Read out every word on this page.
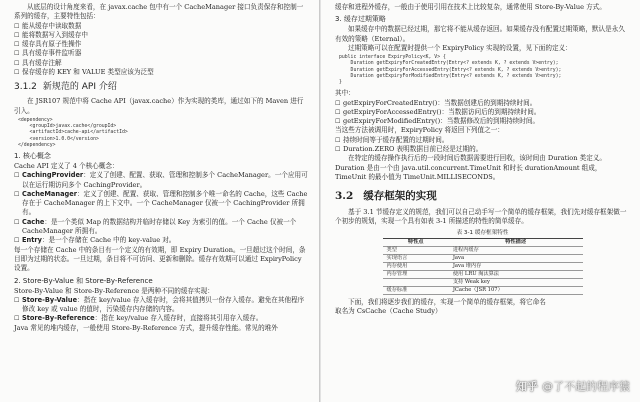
从底层的设计角度来看，在 javax.cache 包中有一个 CacheManager 接口负责保存和控制一系列的缓存，主要特性包括：

☐ 能从缓存中读取数据
☐ 能将数据写入到缓存中
☐ 缓存具有原子性操作
☐ 具有缓存事件监听器
☐ 具有缓存注解
☐ 保存缓存的 KEY 和 VALUE 类型应该为泛型
3.1.2 新规范的 API 介绍

在 JSR107 规范中将 Cache API（javax.cache）作为实现的类库，通过如下的 Maven 进行引入。

<dependency>
<groupId>javax.cache</groupId>
<artifactId>cache-api</artifactId>
<version>1.0.0</version>
</dependency>
1. 核心概念

Cache API 定义了 4 个核心概念：

☐ CachingProvider：定义了创建、配置、获取、管理和控制多个 CacheManager。一个应用可以在运行期访问多个 CachingProvider。
☐ CacheManager：定义了创建、配置、获取、管理和控制多个唯一命名的 Cache，这些 Cache 存在于 CacheManager 的上下文中。一个 CacheManager 仅被一个 CachingProvider 所拥有。
☐ Cache：是一个类似 Map 的数据结构并临时存储以 Key 为索引的值。一个 Cache 仅被一个 CacheManager 所拥有。
☐ Entry：是一个存储在 Cache 中的 key-value 对。

每一个存储在 Cache 中的条目有一个定义的有效期，即 Expiry Duration。一旦超过这个时间，条目即为过期的状态。一旦过期，条目将不可访问、更新和删除。缓存有效期可以通过 ExpiryPolicy 设置。

2. Store-By-Value 和 Store-By-Reference

Store-By-Value 和 Store-By-Reference 是两种不同的缓存实现：

☐ Store-By-Value：指在 key/value 存入缓存时，会将其值拷贝一份存入缓存。避免在其他程序修改 key 或 value 的值时，污染缓存内存储的内容。
☐ Store-By-Reference：指在 key/value 存入缓存时，直接将其引用存入缓存。

Java 常见的堆内缓存，一般使用 Store-By-Reference 方式，提升缓存性能。常见的堆外

缓存和进程外缓存，一般由于使用引用在技术上比较复杂，通常使用 Store-By-Value 方式。

3. 缓存过期策略

如果缓存中的数据已经过期，那它将不能从缓存返回。如果缓存没有配置过期策略，默认是永久有效的策略（Eternal）。

过期策略可以在配置时提供一个 ExpiryPolicy 实现的设置，见下面的定义：

public interface ExpiryPolicy<K, V> {
Duration getExpiryForCreatedEntry(Entry<? extends K, ? extends V>entry);
Duration getExpiryForAccessedEntry(Entry<? extends K, ? extends V>entry);
Duration getExpiryForModifiedEntry(Entry<? extends K, ? extends V>entry);
}

其中：

☐ getExpiryForCreatedEntry()：当数据创建后的到期持续时间。
☐ getExpiryForAccessedEntry()：当数据访问后的到期持续时间。
☐ getExpiryForModifiedEntry()：当数据修改后的到期持续时间。

当这些方法被调用时，ExpiryPolicy 将返回下列值之一：

☐ 持续时间等于缓存配置的过期时间。
☐ Duration.ZERO 表明数据目前已经是过期的。

在特定的缓存操作执行后的一段时间后数据需要进行回收，该时间由 Duration 类定义。Duration 是由一个由 java.util.concurrent.TimeUnit 和时长 durationAmount 组成，TimeUnit 的最小值为 TimeUnit.MILLISECONDS。

3.2 缓存框架的实现

基于 3.1 节缓存定义的规范，我们可以自己动手写一个简单的缓存框架，我们先对缓存框架做一个初步的规划，实现一个具有如表 3-1 所描述的特性的简单缓存。

表 3-1 缓存框架特性
特性点	特性描述
类型	进程内缓存
实现语言	Java
内存使用	Java 堆内存
内存管理	使用 LRU 淘汰算法
	支持 Weak key
缓存标准	JCache（JSR 107）

下面，我们将逐步我们的缓存，实现一个简单的缓存框架，将它命名

取名为 CsCache（Cache Study）

知乎 @了不起的程序猿
